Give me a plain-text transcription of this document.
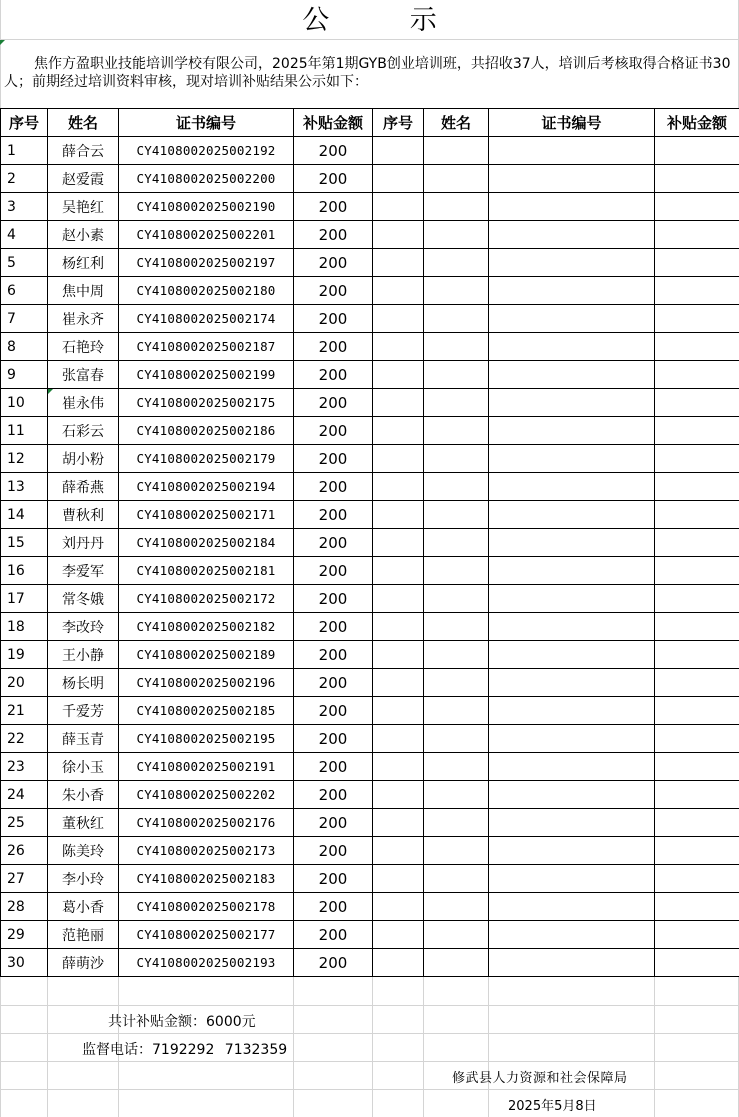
公 示
焦作方盈职业技能培训学校有限公司，2025年第1期GYB创业培训班，共招收37人，培训后考核取得合格证书30人；前期经过培训资料审核，现对培训补贴结果公示如下：
序号	姓名	证书编号	补贴金额	序号	姓名	证书编号	补贴金额
1	薛合云	CY4108002025002192	200				
2	赵爱霞	CY4108002025002200	200				
3	吴艳红	CY4108002025002190	200				
4	赵小素	CY4108002025002201	200				
5	杨红利	CY4108002025002197	200				
6	焦中周	CY4108002025002180	200				
7	崔永齐	CY4108002025002174	200				
8	石艳玲	CY4108002025002187	200				
9	张富春	CY4108002025002199	200				
10	崔永伟	CY4108002025002175	200				
11	石彩云	CY4108002025002186	200				
12	胡小粉	CY4108002025002179	200				
13	薛希燕	CY4108002025002194	200				
14	曹秋利	CY4108002025002171	200				
15	刘丹丹	CY4108002025002184	200				
16	李爱军	CY4108002025002181	200				
17	常冬娥	CY4108002025002172	200				
18	李改玲	CY4108002025002182	200				
19	王小静	CY4108002025002189	200				
20	杨长明	CY4108002025002196	200				
21	千爱芳	CY4108002025002185	200				
22	薛玉青	CY4108002025002195	200				
23	徐小玉	CY4108002025002191	200				
24	朱小香	CY4108002025002202	200				
25	董秋红	CY4108002025002176	200				
26	陈美玲	CY4108002025002173	200				
27	李小玲	CY4108002025002183	200				
28	葛小香	CY4108002025002178	200				
29	范艳丽	CY4108002025002177	200				
30	薛萌沙	CY4108002025002193	200				
共计补贴金额：6000元
监督电话：7192292 7132359
修武县人力资源和社会保障局
2025年5月8日
